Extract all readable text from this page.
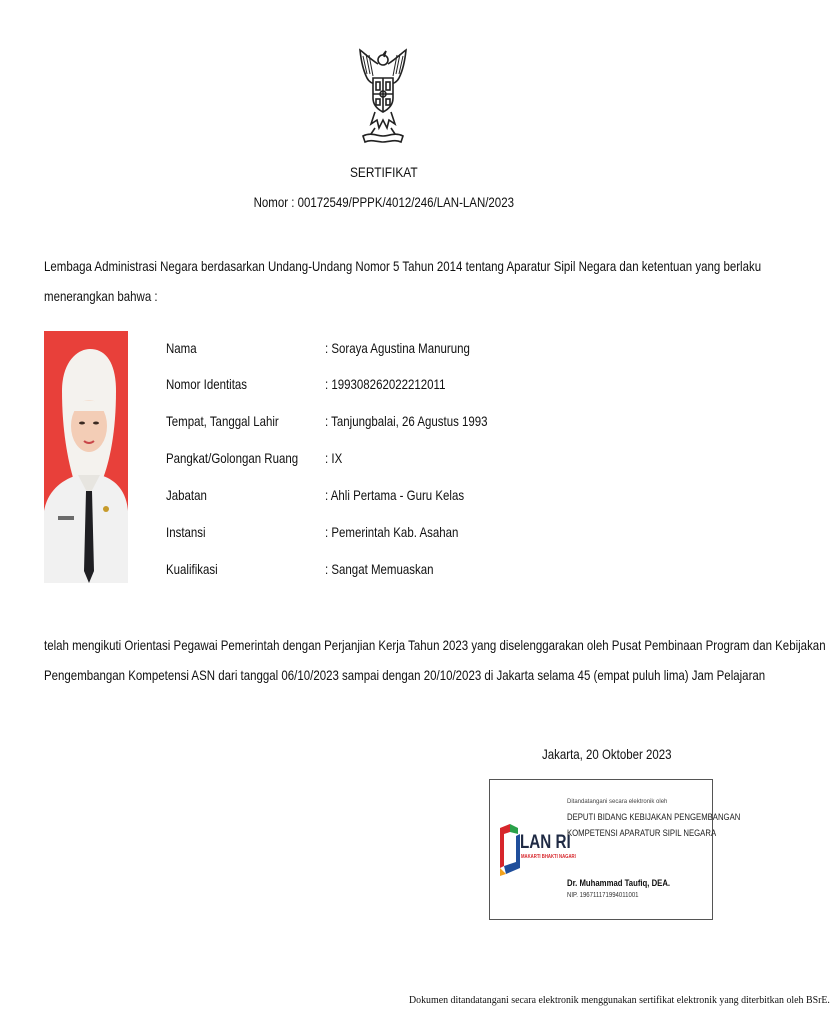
SERTIFIKAT
Nomor : 00172549/PPPK/4012/246/LAN-LAN/2023
Lembaga Administrasi Negara berdasarkan Undang-Undang Nomor 5 Tahun 2014 tentang Aparatur Sipil Negara dan ketentuan yang berlaku
menerangkan bahwa :
Nama	: Soraya Agustina Manurung
Nomor Identitas	: 199308262022212011
Tempat, Tanggal Lahir	: Tanjungbalai, 26 Agustus 1993
Pangkat/Golongan Ruang : IX
Jabatan	: Ahli Pertama - Guru Kelas
Instansi	: Pemerintah Kab. Asahan
Kualifikasi	: Sangat Memuaskan
telah mengikuti Orientasi Pegawai Pemerintah dengan Perjanjian Kerja Tahun 2023 yang diselenggarakan oleh Pusat Pembinaan Program dan Kebijakan
Pengembangan Kompetensi ASN dari tanggal 06/10/2023 sampai dengan 20/10/2023 di Jakarta selama 45 (empat puluh lima) Jam Pelajaran
Jakarta, 20 Oktober 2023
LAN RI
MAKARTI BHAKTI NAGARI
Ditandatangani secara elektronik oleh
DEPUTI BIDANG KEBIJAKAN PENGEMBANGAN
KOMPETENSI APARATUR SIPIL NEGARA
Dr. Muhammad Taufiq, DEA.
NIP. 196711171994011001
Dokumen ditandatangani secara elektronik menggunakan sertifikat elektronik yang diterbitkan oleh BSrE.
